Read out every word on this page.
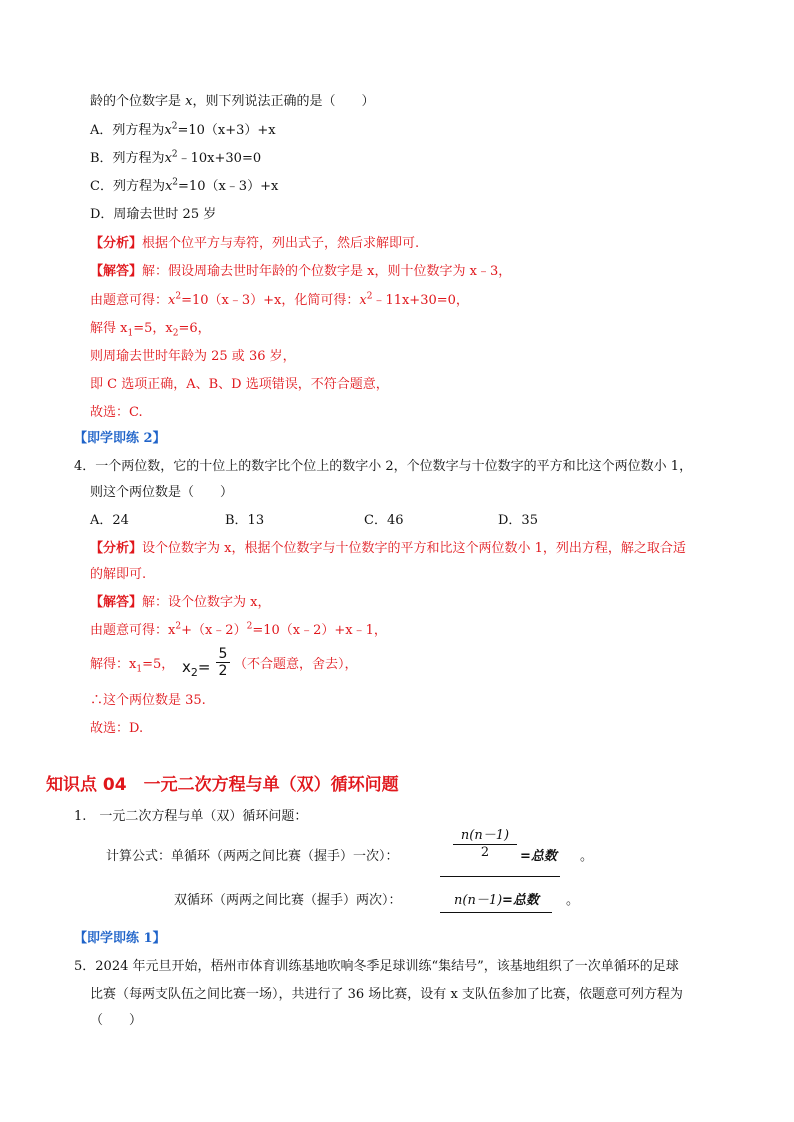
龄的个位数字是 x，则下列说法正确的是（　　）
A．列方程为$x^2=10(x+3)+x$
B．列方程为$x^2﹣10x+30=0$
C．列方程为$x^2=10(x﹣3)+x$
D．周瑜去世时 25 岁
【分析】根据个位平方与寿符，列出式子，然后求解即可.
【解答】解：假设周瑜去世时年龄的个位数字是 x，则十位数字为 x﹣3，
由题意可得：$x^2=10(x﹣3)+x$，化简可得：$x^2﹣11x+30=0$，
解得 $x_1=5$，$x_2=6$，
则周瑜去世时年龄为 25 或 36 岁，
即 C 选项正确，A、B、D 选项错误，不符合题意，
故选：C.
【即学即练 2】
4．一个两位数，它的十位上的数字比个位上的数字小 2，个位数字与十位数字的平方和比这个两位数小 1，
则这个两位数是（　　）
A．24	B．13	C．46	D．35
【分析】设个位数字为 x，根据个位数字与十位数字的平方和比这个两位数小 1，列出方程，解之取合适
的解即可.
【解答】解：设个位数字为 x，
由题意可得：$x^2+(x﹣2)^2=10(x﹣2)+x﹣1$，
解得：$x_1=5$， $x_2=$
5
2 （不合题意，舍去），
∴这个两位数是 35.
故选：D.
知识点 04　一元二次方程与单（双）循环问题
1.　一元二次方程与单（双）循环问题：
计算公式：单循环（两两之间比赛（握手）一次）：
n(n－1)
2	=总数 。
双循环（两两之间比赛（握手）两次）：	n(n－1) =总数 。
【即学即练 1】
5．2024 年元旦开始，梧州市体育训练基地吹响冬季足球训练“集结号”，该基地组织了一次单循环的足球
比赛（每两支队伍之间比赛一场），共进行了 36 场比赛，设有 x 支队伍参加了比赛，依题意可列方程为
（　　）
